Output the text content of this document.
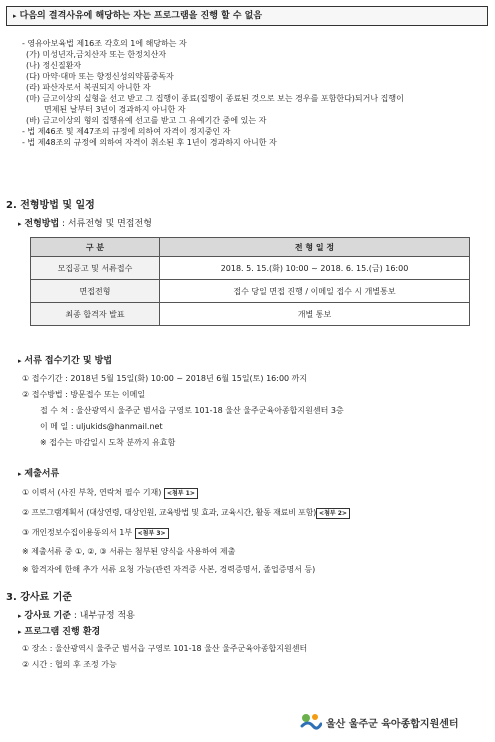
▸ 다음의 결격사유에 해당하는 자는 프로그램을 진행 할 수 없음
- 영유아보육법 제16조 각호의 1에 해당하는 자
(가) 미성년자,금치산자 또는 한정치산자
(나) 정신질환자
(다) 마약·대마 또는 향정신성의약품중독자
(라) 파산자로서 복권되지 아니한 자
(마) 금고이상의 실형을 선고 받고 그 집행이 종료(집행이 종료된 것으로 보는 경우를 포함한다)되거나 집행이
면제된 날부터 3년이 경과하지 아니한 자
(바) 금고이상의 형의 집행유예 선고를 받고 그 유예기간 중에 있는 자
- 법 제46조 및 제47조의 규정에 의하여 자격이 정지중인 자
- 법 제48조의 규정에 의하여 자격이 취소된 후 1년이 경과하지 아니한 자
2. 전형방법 및 일정
▸ 전형방법 : 서류전형 및 면접전형
구 분	전 형 일 정
모집공고 및 서류접수	2018. 5. 15.(화) 10:00 ~ 2018. 6. 15.(금) 16:00
면접전형	접수 당일 면접 진행 / 이메일 접수 시 개별통보
최종 합격자 발표	개별 통보
▸ 서류 접수기간 및 방법
① 접수기간 : 2018년 5월 15일(화) 10:00 ~ 2018년 6월 15일(토) 16:00 까지
② 접수방법 : 방문접수 또는 이메일
접 수 처 : 울산광역시 울주군 범서읍 구영로 101-18 울산 울주군육아종합지원센터 3층
이 메 일 : uljukids@hanmail.net
※ 접수는 마감일시 도착 분까지 유효함
▸ 제출서류
① 이력서 (사진 부착, 연락처 필수 기재) <첨부 1>
② 프로그램계획서 (대상연령, 대상인원, 교육방법 및 효과, 교육시간, 활동 재료비 포함) <첨부 2>
③ 개인정보수집이용동의서 1부 <첨부 3>
※ 제출서류 중 ①, ②, ③ 서류는 첨부된 양식을 사용하여 제출
※ 합격자에 한해 추가 서류 요청 가능(관련 자격증 사본, 경력증명서, 졸업증명서 등)
3. 강사료 기준
▸ 강사료 기준 : 내부규정 적용
▸ 프로그램 진행 환경
① 장소 : 울산광역시 울주군 범서읍 구영로 101-18 울산 울주군육아종합지원센터
② 시간 : 협의 후 조정 가능
울산 울주군 육아종합지원센터
